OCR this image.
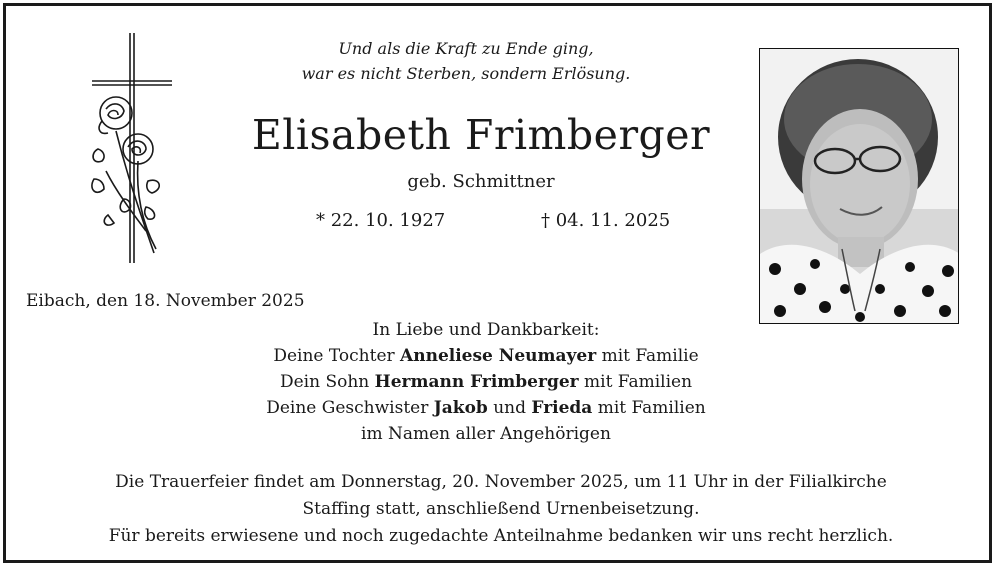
Und als die Kraft zu Ende ging,
war es nicht Sterben, sondern Erlösung.
Elisabeth Frimberger
geb. Schmittner
* 22. 10. 1927	† 04. 11. 2025
Eibach, den 18. November 2025
In Liebe und Dankbarkeit:
Deine Tochter Anneliese Neumayer mit Familie
Dein Sohn Hermann Frimberger mit Familien
Deine Geschwister Jakob und Frieda mit Familien
im Namen aller Angehörigen
Die Trauerfeier findet am Donnerstag, 20. November 2025, um 11 Uhr in der Filialkirche
Staffing statt, anschließend Urnenbeisetzung.
Für bereits erwiesene und noch zugedachte Anteilnahme bedanken wir uns recht herzlich.
